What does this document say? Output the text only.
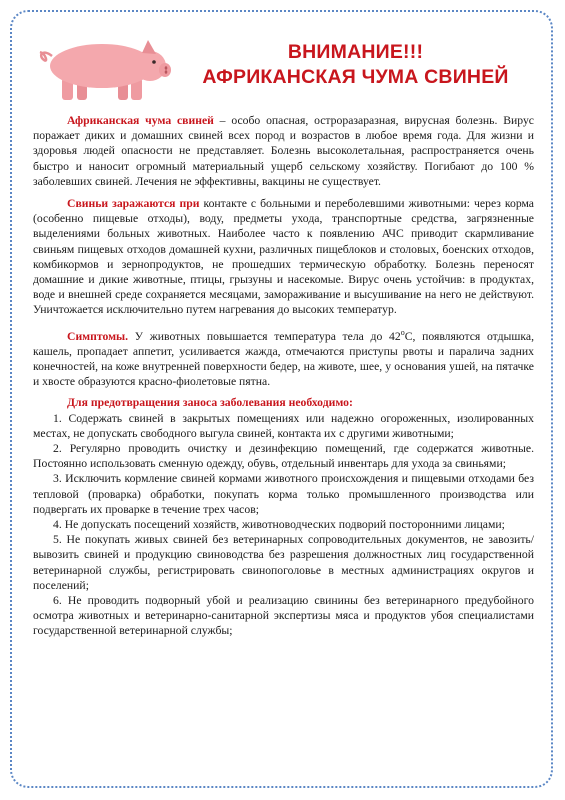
ВНИМАНИЕ!!!
АФРИКАНСКАЯ ЧУМА СВИНЕЙ

Африканская чума свиней – особо опасная, остроразаразная, вирусная болезнь. Вирус поражает диких и домашних свиней всех пород и возрастов в любое время года. Для жизни и здоровья людей опасности не представляет. Болезнь высоколетальная, распространяется очень быстро и наносит огромный материальный ущерб сельскому хозяйству. Погибают до 100 % заболевших свиней. Лечения не эффективны, вакцины не существует.

Свиньи заражаются при контакте с больными и переболевшими животными: через корма (особенно пищевые отходы), воду, предметы ухода, транспортные средства, загрязненные выделениями больных животных. Наиболее часто к появлению АЧС приводит скармливание свиньям пищевых отходов домашней кухни, различных пищеблоков и столовых, боенских отходов, комбикормов и зернопродуктов, не прошедших термическую обработку. Болезнь переносят домашние и дикие животные, птицы, грызуны и насекомые. Вирус очень устойчив: в продуктах, воде и внешней среде сохраняется месяцами, замораживание и высушивание на него не действуют. Уничтожается исключительно путем нагревания до высоких температур.

Симптомы. У животных повышается температура тела до $42^оС$, появляются отдышка, кашель, пропадает аппетит, усиливается жажда, отмечаются приступы рвоты и паралича задних конечностей, на коже внутренней поверхности бедер, на животе, шее, у основания ушей, на пятачке и хвосте образуются красно-фиолетовые пятна.

Для предотвращения заноса заболевания необходимо:

1 . Содержать свиней в закрытых помещениях или надежно огороженных, изолированных местах, не допускать свободного выгула свиней, контакта их с другими животными;

2 . Регулярно проводить очистку и дезинфекцию помещений, где содержатся животные. Постоянно использовать сменную одежду, обувь, отдельный инвентарь для ухода за свиньями;

3 . Исключить кормление свиней кормами животного происхождения и пищевыми отходами без тепловой (проварка) обработки, покупать корма только промышленного производства или подвергать их проварке в течение трех часов;

4 . Не допускать посещений хозяйств, животноводческих подворий посторонними лицами;

5 . Не покупать живых свиней без ветеринарных сопроводительных документов, не завозить/вывозить свиней и продукцию свиноводства без разрешения должностных лиц государственной ветеринарной службы, регистрировать свинопоголовье в местных администрациях округов и поселений;

6 . Не проводить подворный убой и реализацию свинины без ветеринарного предубойного осмотра животных и ветеринарно-санитарной экспертизы мяса и продуктов убоя специалистами государственной ветеринарной службы;
